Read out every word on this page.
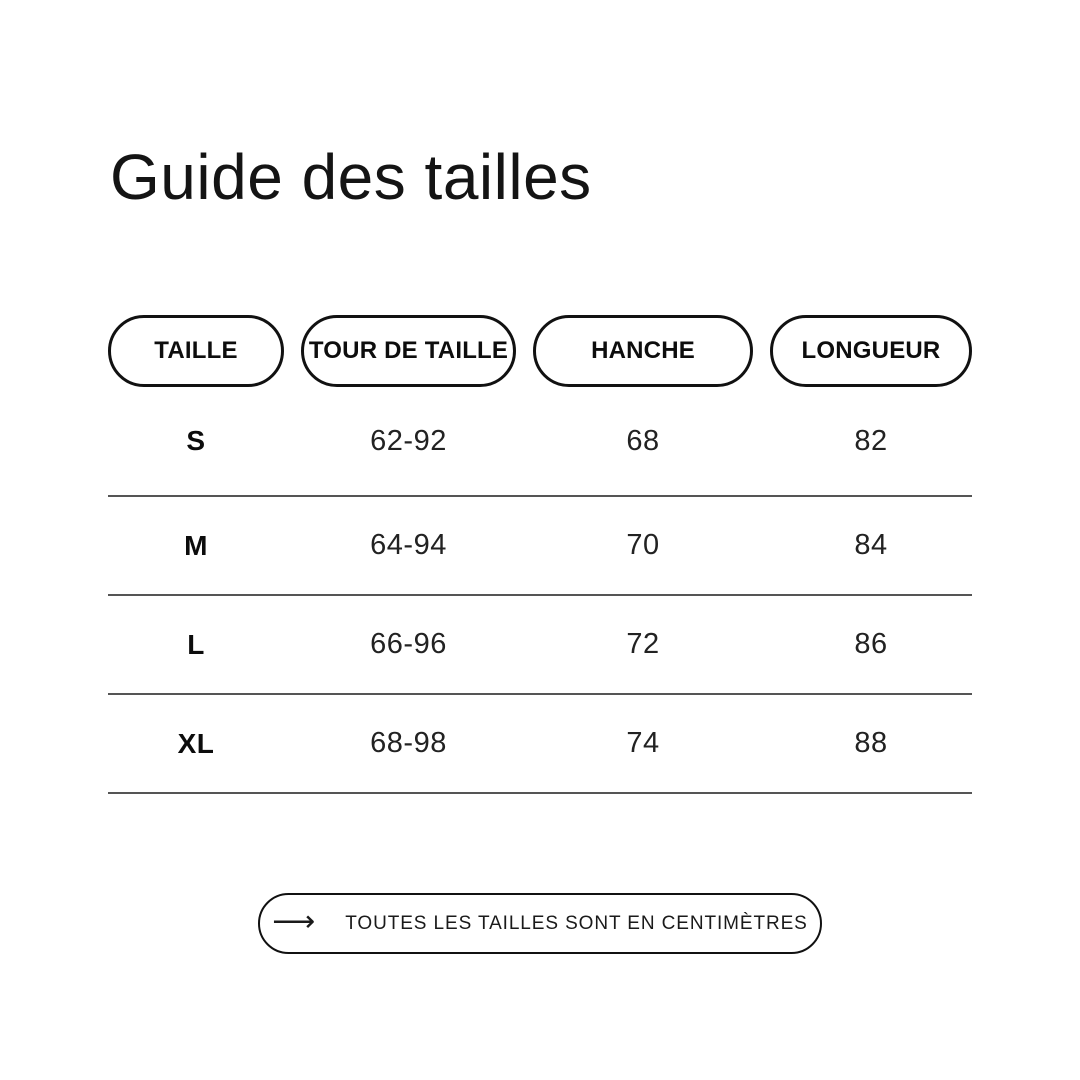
Guide des tailles
TAILLE	TOUR DE TAILLE	HANCHE	LONGUEUR
S	62-92	68	82
M	64-94	70	84
L	66-96	72	86
XL	68-98	74	88
⟶ TOUTES LES TAILLES SONT EN CENTIMÈTRES
